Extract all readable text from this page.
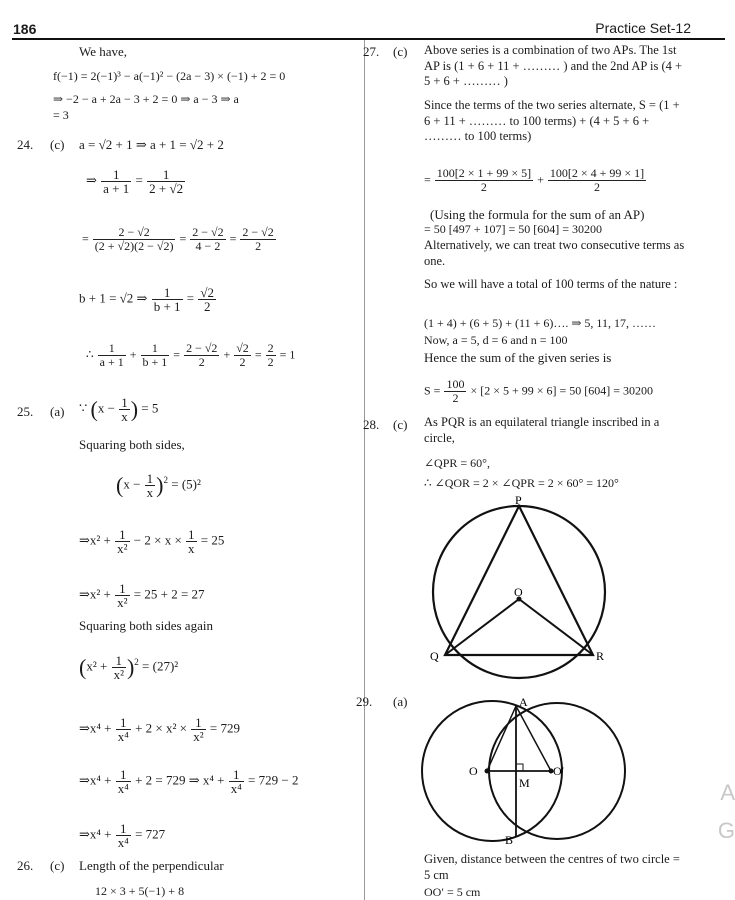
186	Practice Set-12
We have,
f(−1) = 2(−1)³ − a(−1)² − (2a − 3) × (−1) + 2 = 0
⇒ −2 − a + 2a − 3 + 2 = 0 ⇒ a − 3 ⇒ a
= 3
24. (c) a = √2 + 1 ⇒ a + 1 = √2 + 2
⇒ $\frac{1}{a + 1} = \frac{1}{2 + √2}$
= $\frac{2 - √2}{(2 + √2)(2 - √2)} = \frac{2 - √2}{4 - 2} = \frac{2 - √2}{2}$
b + 1 = √2 ⇒ $\frac{1}{b + 1} = \frac{√2}{2}$
∴ $\frac{1}{a + 1} + \frac{1}{b + 1} = \frac{2 - √2}{2} + \frac{√2}{2} = \frac{2}{2} = 1$
25. (a) ∵ ($x - \frac{1}{x}$ ) = 5
Squaring both sides,
$(x - \frac{1}{x} )^2 = (5)^2$
⇒x² + $\frac{1}{\text{x²}} - 2 \times x \times \frac{1}{x} = 25$
⇒x² + $\frac{1}{\text{x²}} = 25 + 2 = 27$
Squaring both sides again
$(x^2 + \frac{1}{\text{x²}} )^2 = (27)^2$
⇒x⁴ + $\frac{1}{\text{x⁴}} + 2 \times x^2 \times \frac{1}{\text{x²}} = 729$
⇒x⁴ + $\frac{1}{\text{x⁴}} + 2 = 729$ ⇒ $x^4 + \frac{1}{\text{x⁴}} = 729 - 2$
⇒x⁴ + $\frac{1}{\text{x⁴}} = 727$
26. (c) Length of the perpendicular
12 × 3 + 5(−1) + 8
27. (c) Above series is a combination of two APs. The 1st AP is (1 + 6 + 11 + ……… ) and the 2nd AP is (4 + 5 + 6 + ……… )
Since the terms of the two series alternate, S = (1 + 6 + 11 + ……… to 100 terms) + (4 + 5 + 6 + ……… to 100 terms)
= $\frac{100[2 \times 1 + 99 \times 5]}{2} + \frac{100[2 \times 4 + 99 \times 1]}{2}$
(Using the formula for the sum of an AP)
= 50 [497 + 107] = 50 [604] = 30200
Alternatively, we can treat two consecutive terms as one.
So we will have a total of 100 terms of the nature :
(1 + 4) + (6 + 5) + (11 + 6)…. ⇒ 5, 11, 17, ……
Now, a = 5, d = 6 and n = 100
Hence the sum of the given series is
$S = \frac{100}{2} \times [2 \times 5 + 99 \times 6] = 50$ [604] = 30200
28. (c) As PQR is an equilateral triangle inscribed in a circle,
∠QPR = 60°,
∴ ∠QOR = 2 × ∠QPR = 2 × 60° = 120°
P
O
Q	R
29. (a)	A
B
O	O′
M
Given, distance between the centres of two circle = 5 cm
OO′ = 5 cm
A
G
